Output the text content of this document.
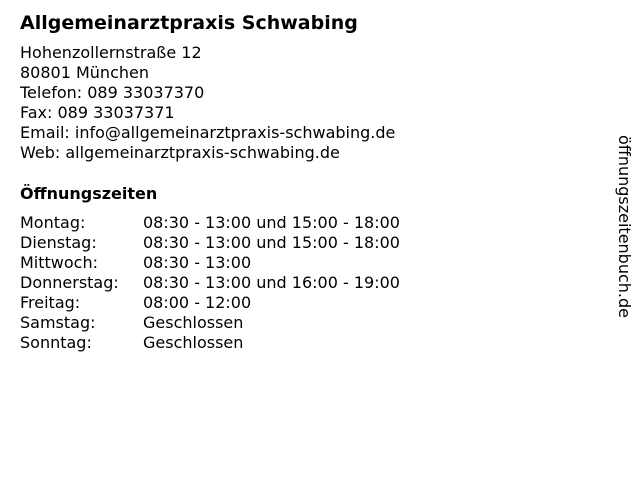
Allgemeinarztpraxis Schwabing
Hohenzollernstraße 12
80801 München
Telefon: 089 33037370
Fax: 089 33037371
Email: info@allgemeinarztpraxis-schwabing.de
Web: allgemeinarztpraxis-schwabing.de
Öffnungszeiten
Montag:	08:30 - 13:00 und 15:00 - 18:00
Dienstag:	08:30 - 13:00 und 15:00 - 18:00
Mittwoch:	08:30 - 13:00
Donnerstag: 08:30 - 13:00 und 16:00 - 19:00
Freitag:	08:00 - 12:00
Samstag:	Geschlossen
Sonntag:	Geschlossen
öffnungszeitenbuch.de
